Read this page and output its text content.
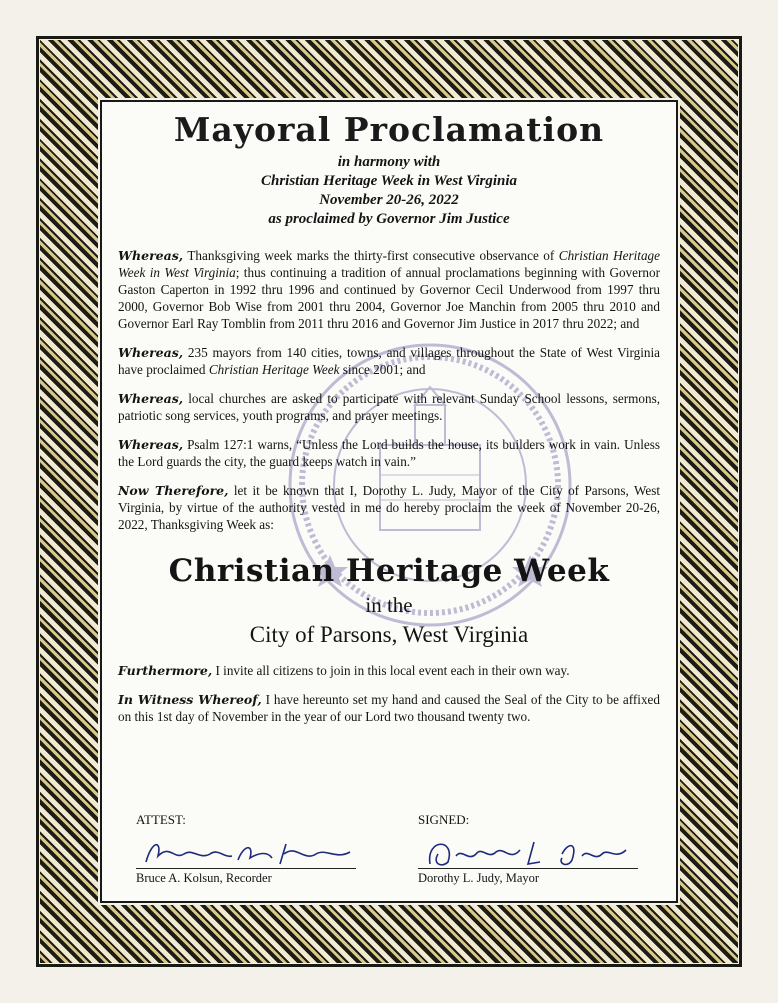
Mayoral Proclamation
in harmony with
Christian Heritage Week in West Virginia
November 20-26, 2022
as proclaimed by Governor Jim Justice

Whereas, Thanksgiving week marks the thirty-first consecutive observance of Christian Heritage Week in West Virginia; thus continuing a tradition of annual proclamations beginning with Governor Gaston Caperton in 1992 thru 1996 and continued by Governor Cecil Underwood from 1997 thru 2000, Governor Bob Wise from 2001 thru 2004, Governor Joe Manchin from 2005 thru 2010 and Governor Earl Ray Tomblin from 2011 thru 2016 and Governor Jim Justice in 2017 thru 2022; and

Whereas, 235 mayors from 140 cities, towns, and villages throughout the State of West Virginia have proclaimed Christian Heritage Week since 2001; and

Whereas, local churches are asked to participate with relevant Sunday School lessons, sermons, patriotic song services, youth programs, and prayer meetings.

Whereas, Psalm 127:1 warns, “Unless the Lord builds the house, its builders work in vain. Unless the Lord guards the city, the guard keeps watch in vain.”

Now Therefore, let it be known that I, Dorothy L. Judy, Mayor of the City of Parsons, West Virginia, by virtue of the authority vested in me do hereby proclaim the week of November 20-26, 2022, Thanksgiving Week as:

Christian Heritage Week
in the
City of Parsons, West Virginia

Furthermore, I invite all citizens to join in this local event each in their own way.

In Witness Whereof, I have hereunto set my hand and caused the Seal of the City to be affixed on this 1st day of November in the year of our Lord two thousand twenty two.

ATTEST:
Bruce A. Kolsun, Recorder
SIGNED:
Dorothy L. Judy, Mayor
